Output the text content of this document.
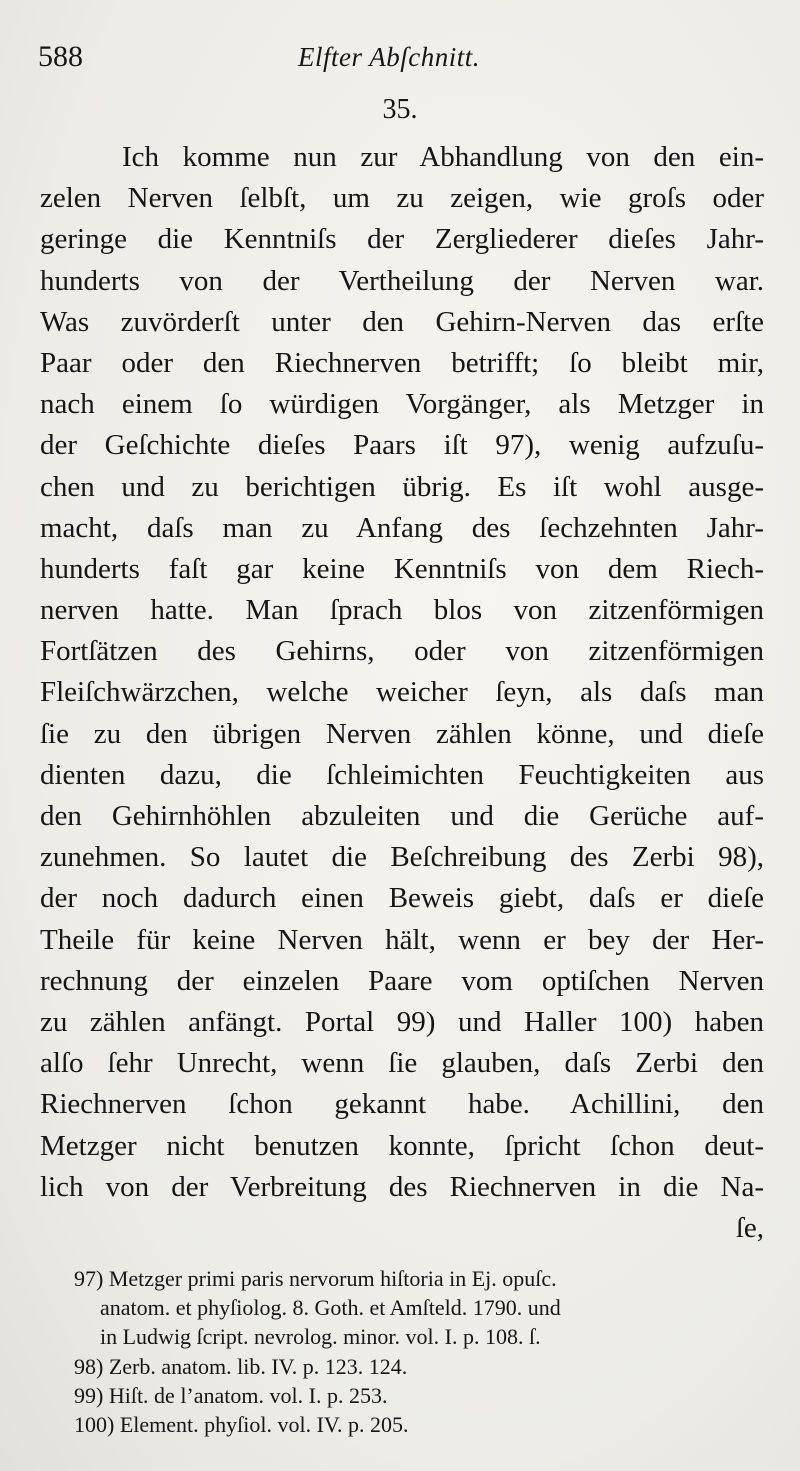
588	Elfter Abſchnitt.
35.
Ich komme nun zur Abhandlung von den ein-
zelen Nerven ſelbſt, um zu zeigen, wie groſs oder
geringe die Kenntniſs der Zergliederer dieſes Jahr-
hunderts von der Vertheilung der Nerven war.
Was zuvörderſt unter den Gehirn-Nerven das erſte
Paar oder den Riechnerven betrifft; ſo bleibt mir,
nach einem ſo würdigen Vorgänger, als Metzger in
der Geſchichte dieſes Paars iſt 97), wenig aufzuſu-
chen und zu berichtigen übrig. Es iſt wohl ausge-
macht, daſs man zu Anfang des ſechzehnten Jahr-
hunderts faſt gar keine Kenntniſs von dem Riech-
nerven hatte. Man ſprach blos von zitzenförmigen
Fortſätzen des Gehirns, oder von zitzenförmigen
Fleiſchwärzchen, welche weicher ſeyn, als daſs man
ſie zu den übrigen Nerven zählen könne, und dieſe
dienten dazu, die ſchleimichten Feuchtigkeiten aus
den Gehirnhöhlen abzuleiten und die Gerüche auf-
zunehmen. So lautet die Beſchreibung des Zerbi 98),
der noch dadurch einen Beweis giebt, daſs er dieſe
Theile für keine Nerven hält, wenn er bey der Her-
rechnung der einzelen Paare vom optiſchen Nerven
zu zählen anfängt. Portal 99) und Haller 100) haben
alſo ſehr Unrecht, wenn ſie glauben, daſs Zerbi den
Riechnerven ſchon gekannt habe. Achillini, den
Metzger nicht benutzen konnte, ſpricht ſchon deut-
lich von der Verbreitung des Riechnerven in die Na-
ſe,
97) Metzger primi paris nervorum hiſtoria in Ej. opuſc.
anatom. et phyſiolog. 8. Goth. et Amſteld. 1790. und
in Ludwig ſcript. nevrolog. minor. vol. I. p. 108. ſ.
98) Zerb. anatom. lib. IV. p. 123. 124.
99) Hiſt. de l’anatom. vol. I. p. 253.
100) Element. phyſiol. vol. IV. p. 205.
